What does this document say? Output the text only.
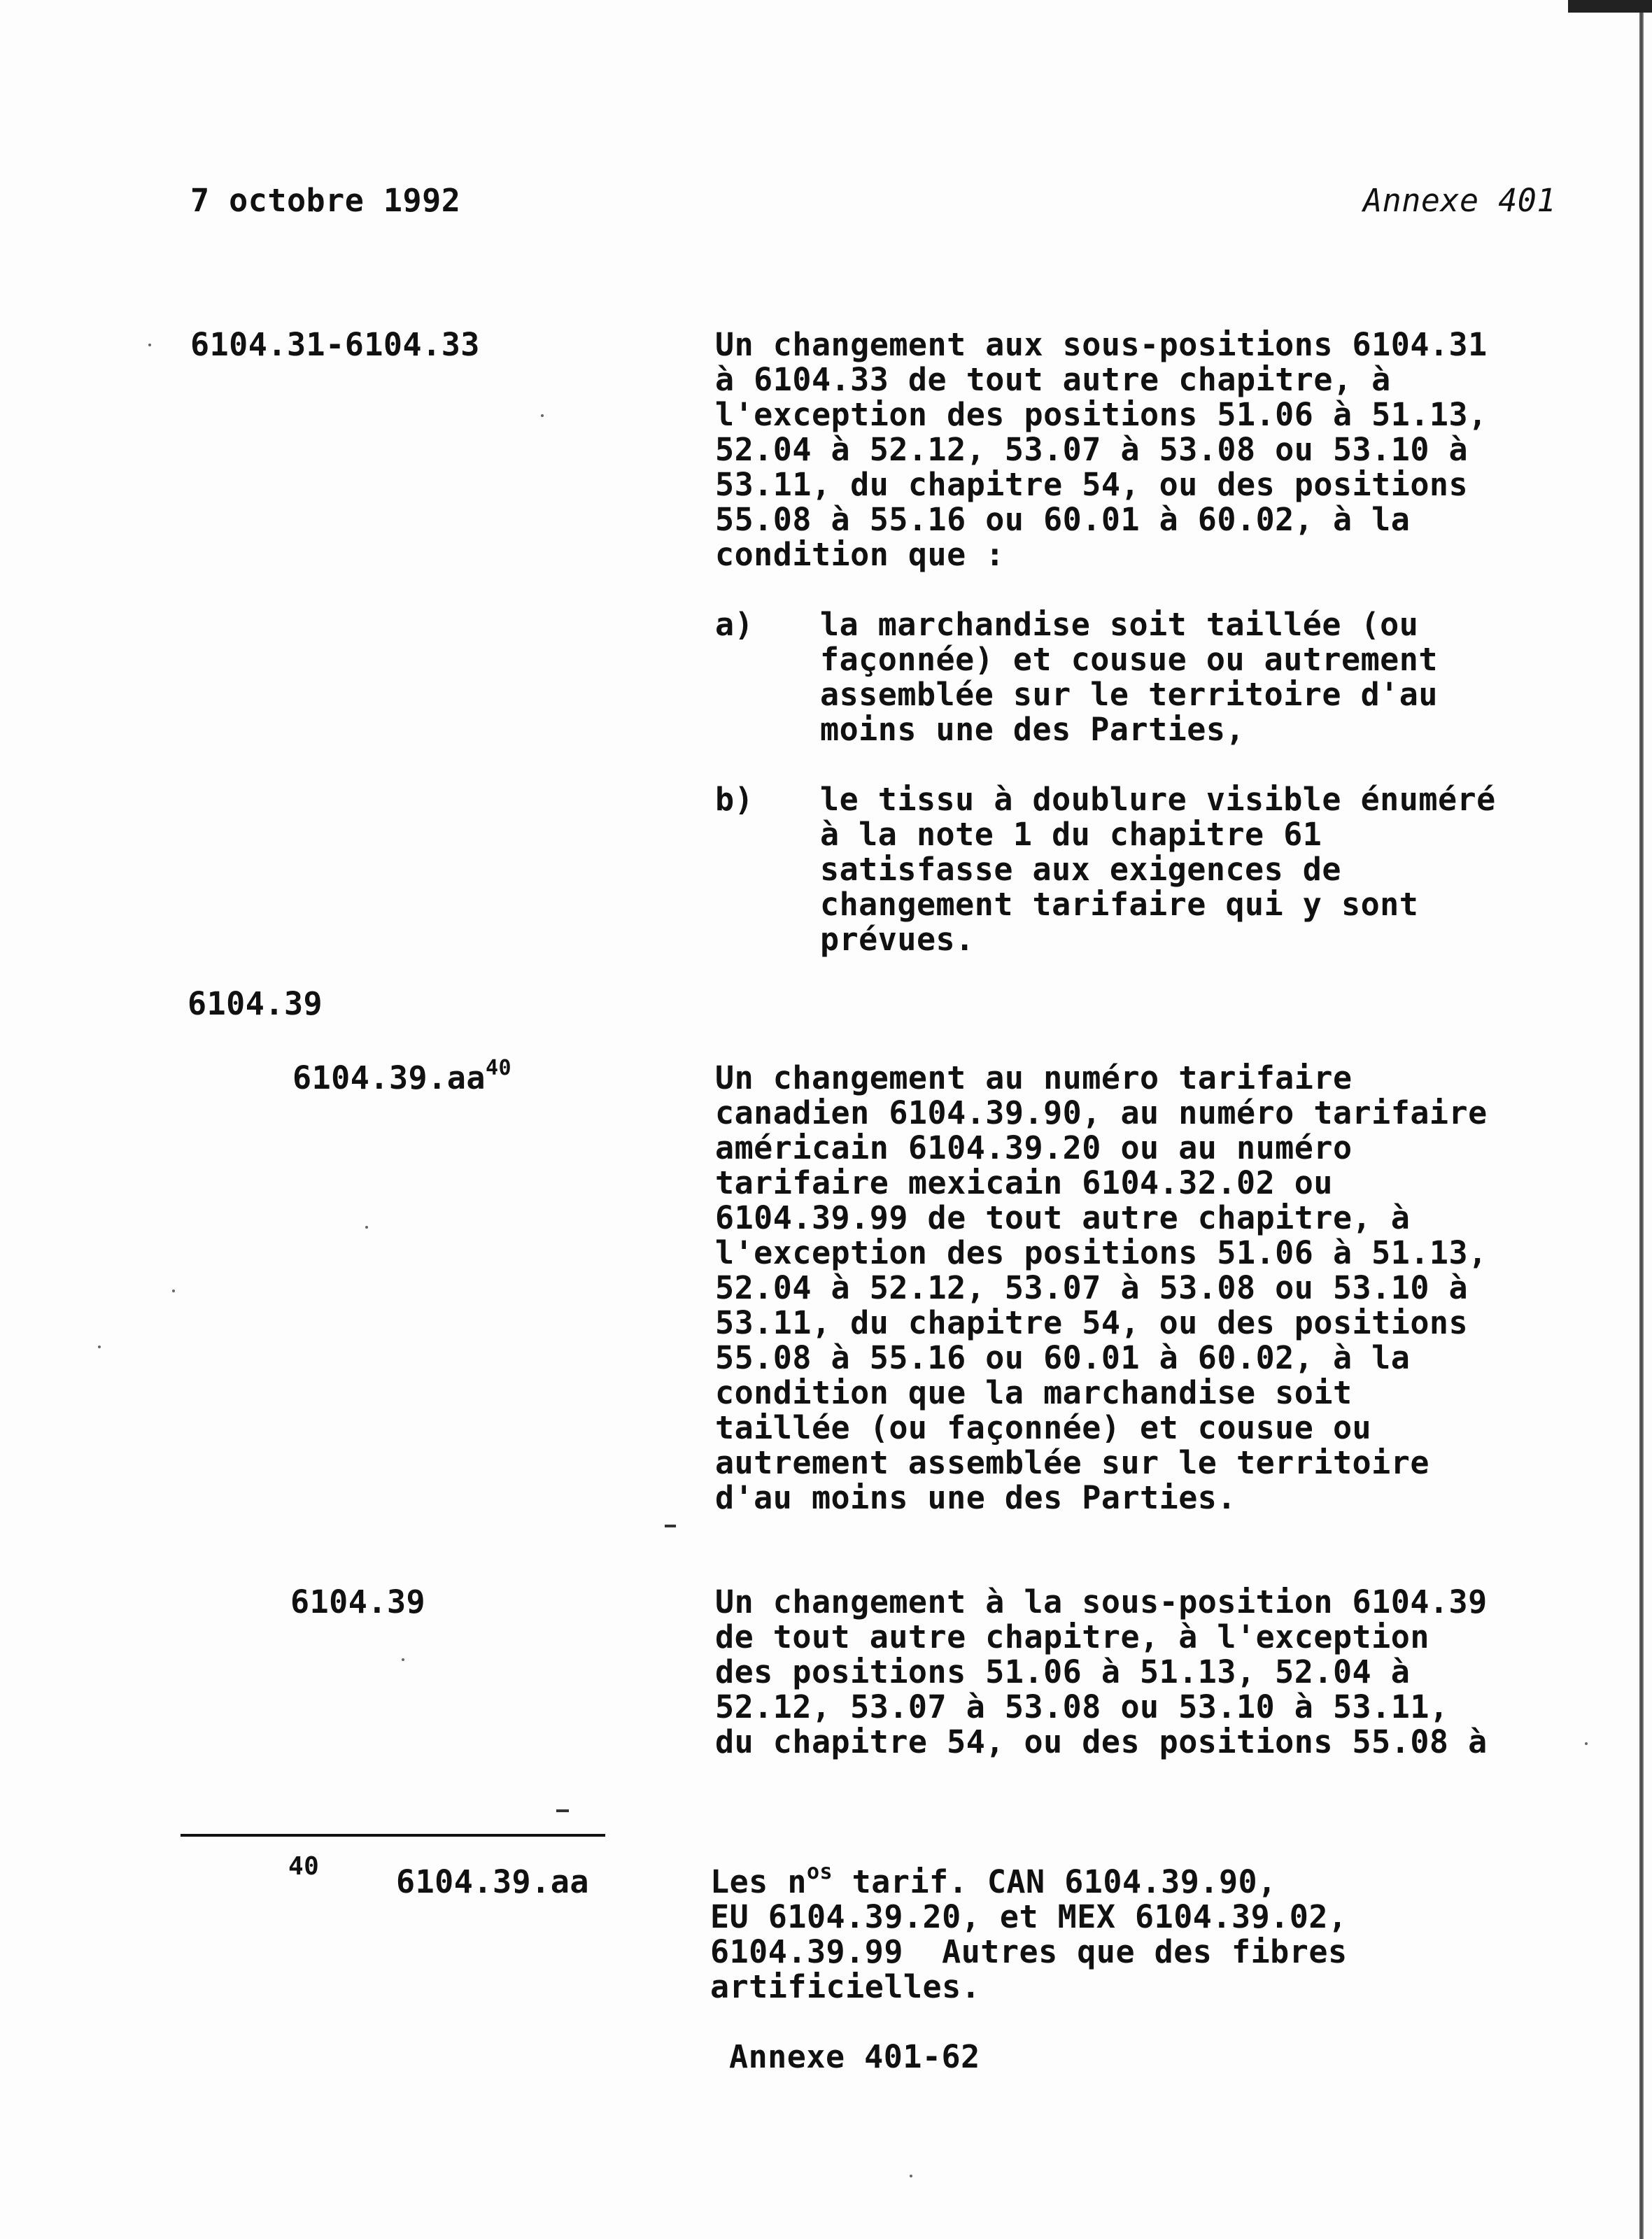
7 octobre 1992	Annexe 401
6104.31-6104.33	Un changement aux sous-positions 6104.31
à 6104.33 de tout autre chapitre, à
l'exception des positions 51.06 à 51.13,
52.04 à 52.12, 53.07 à 53.08 ou 53.10 à
53.11, du chapitre 54, ou des positions
55.08 à 55.16 ou 60.01 à 60.02, à la
condition que :
a) la marchandise soit taillée (ou
façonnée) et cousue ou autrement
assemblée sur le territoire d'au
moins une des Parties,
b) le tissu à doublure visible énuméré
à la note 1 du chapitre 61
satisfasse aux exigences de
changement tarifaire qui y sont
prévues.
6104.39
$6104.39.aa^{40}$	Un changement au numéro tarifaire
canadien 6104.39.90, au numéro tarifaire
américain 6104.39.20 ou au numéro
tarifaire mexicain 6104.32.02 ou
6104.39.99 de tout autre chapitre, à
l'exception des positions 51.06 à 51.13,
52.04 à 52.12, 53.07 à 53.08 ou 53.10 à
53.11, du chapitre 54, ou des positions
55.08 à 55.16 ou 60.01 à 60.02, à la
condition que la marchandise soit
taillée (ou façonnée) et cousue ou
autrement assemblée sur le territoire
d'au moins une des Parties.
6104.39	Un changement à la sous-position 6104.39
de tout autre chapitre, à l'exception
des positions 51.06 à 51.13, 52.04 à
52.12, 53.07 à 53.08 ou 53.10 à 53.11,
du chapitre 54, ou des positions 55.08 à
40 6104.39.aa	Les $n^{os}$ tarif. CAN 6104.39.90,
EU 6104.39.20, et MEX 6104.39.02,
6104.39.99  Autres que des fibres
artificielles.
Annexe 401-62
